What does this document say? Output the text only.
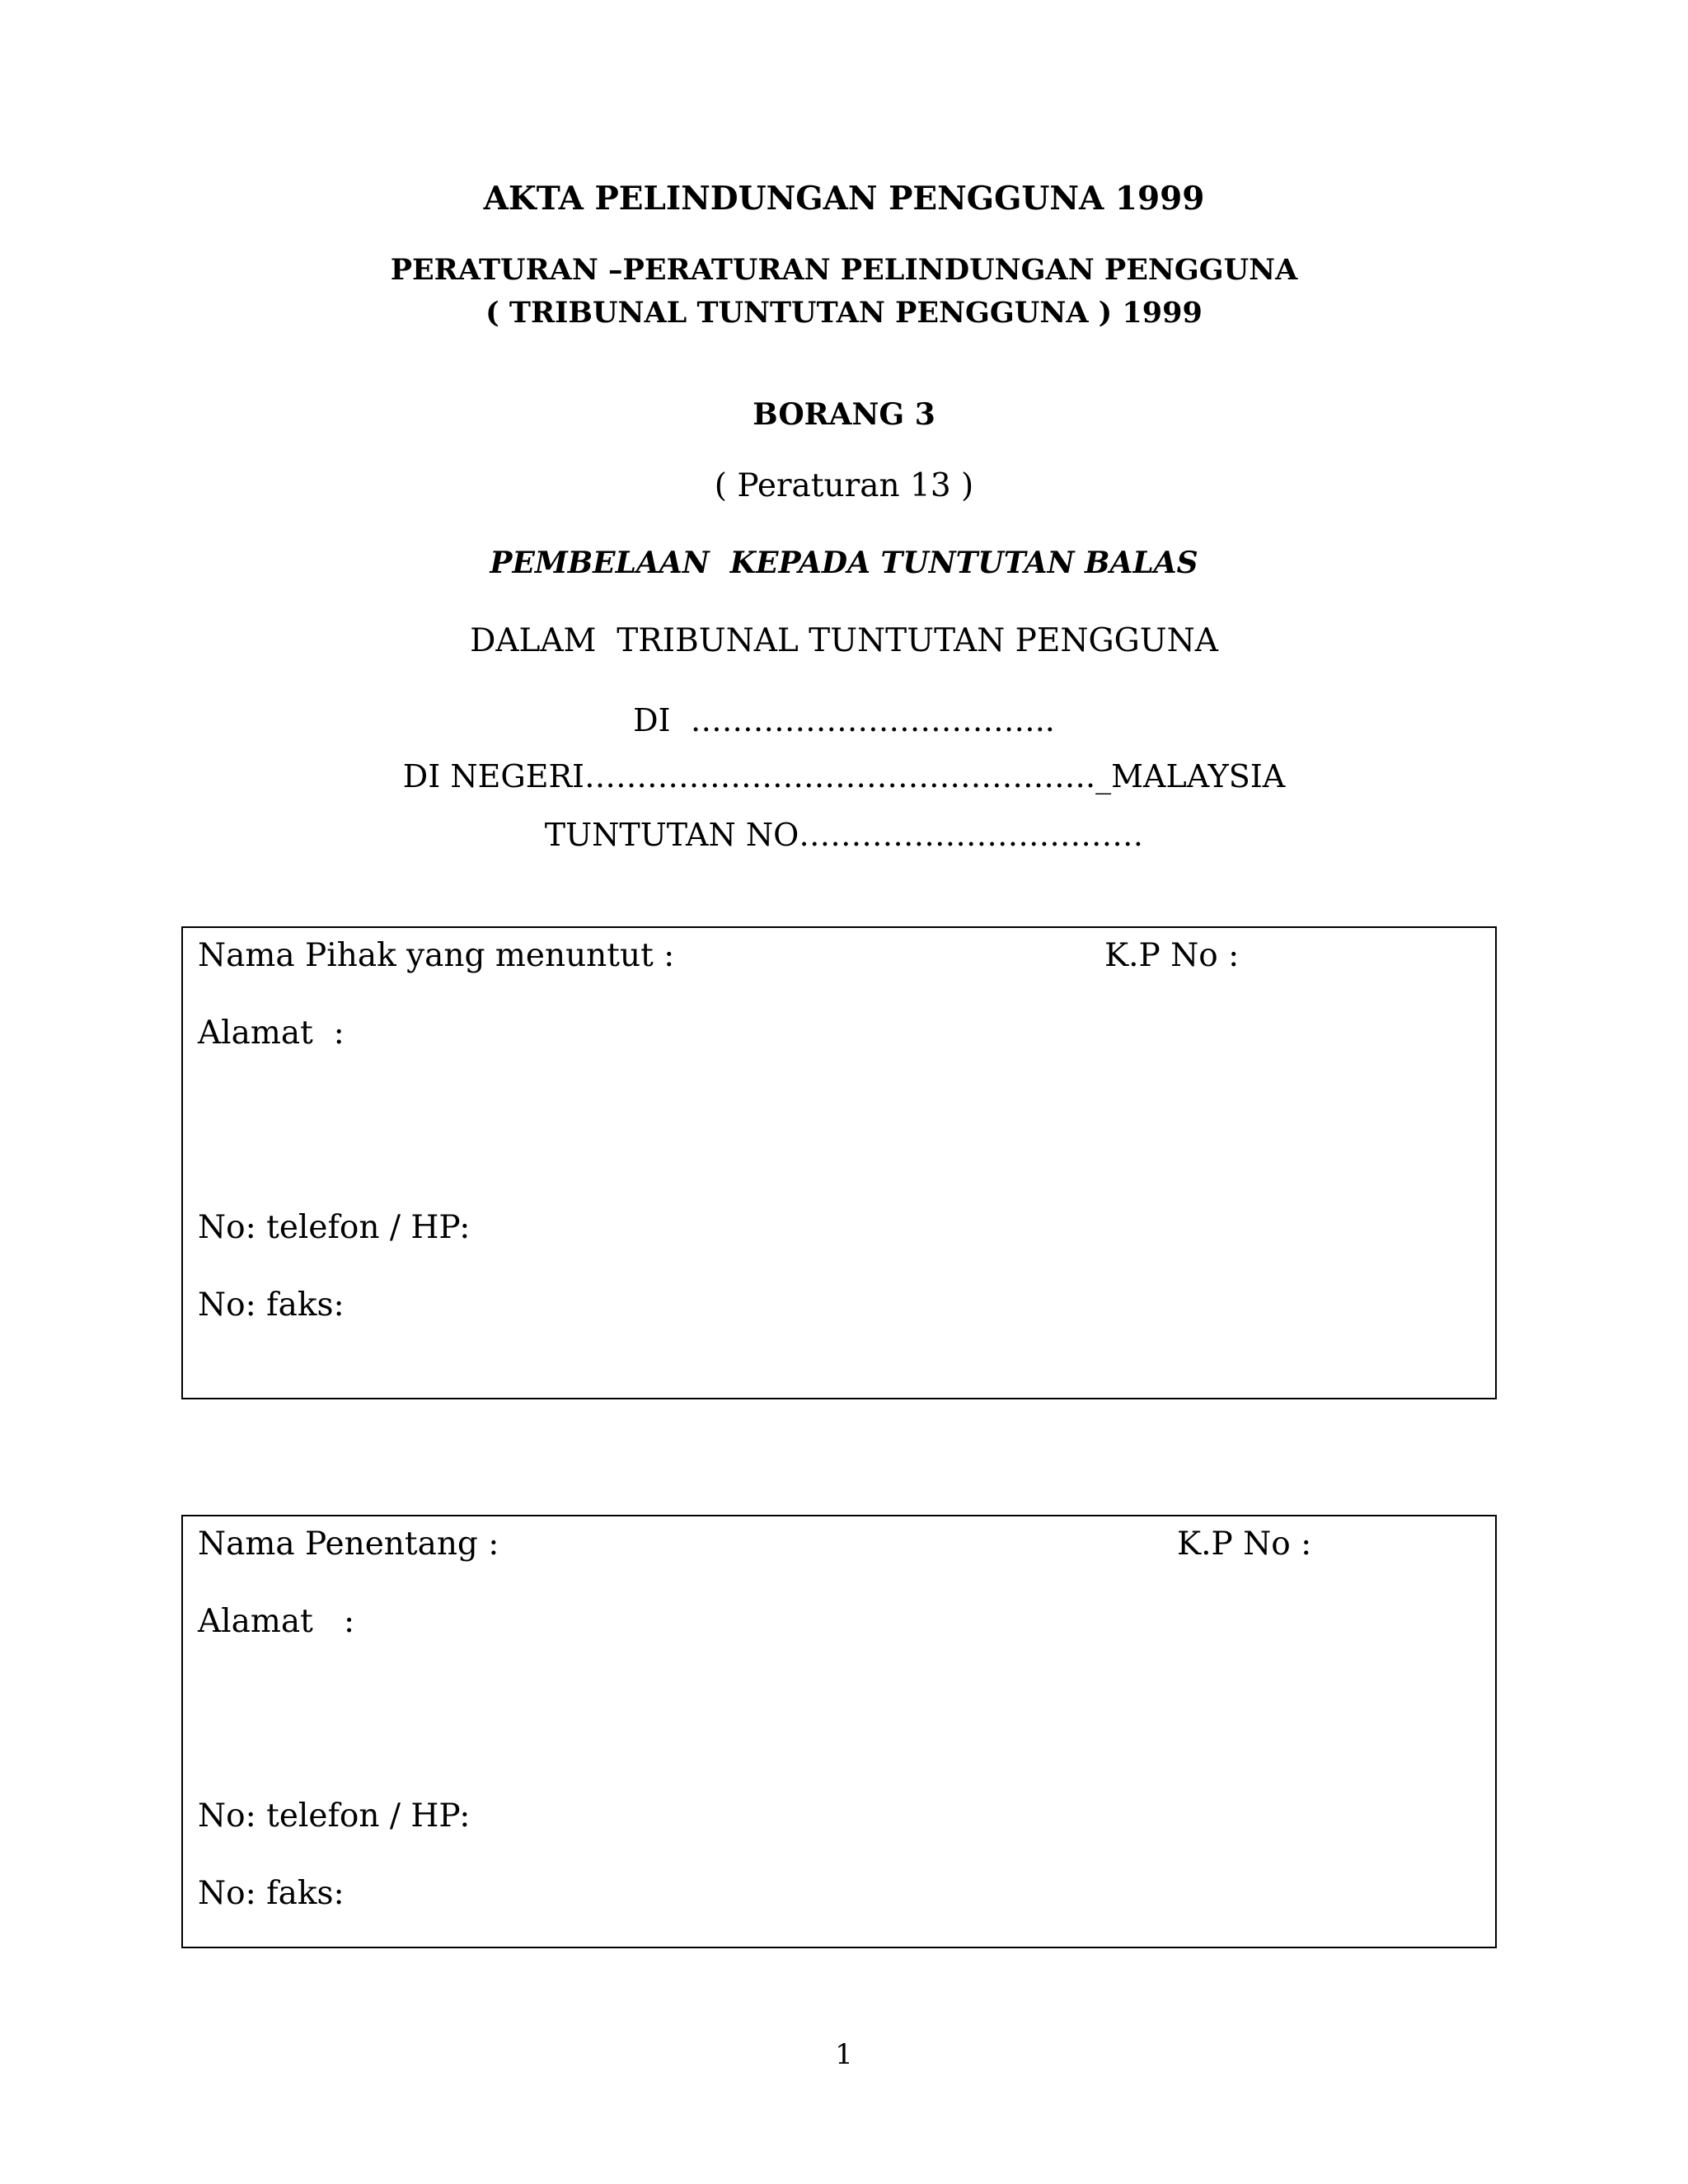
AKTA PELINDUNGAN PENGGUNA 1999
PERATURAN –PERATURAN PELINDUNGAN PENGGUNA
( TRIBUNAL TUNTUTAN PENGGUNA ) 1999
BORANG 3
( Peraturan 13 )
PEMBELAAN  KEPADA TUNTUTAN BALAS
DALAM  TRIBUNAL TUNTUTAN PENGGUNA
DI  ……………………………..
DI NEGERI…………………………………………._MALAYSIA
TUNTUTAN NO……………………………
Nama Pihak yang menuntut :	K.P No :
Alamat  :
No: telefon / HP:
No: faks:
Nama Penentang :	K.P No :
Alamat   :
No: telefon / HP:
No: faks:
1
